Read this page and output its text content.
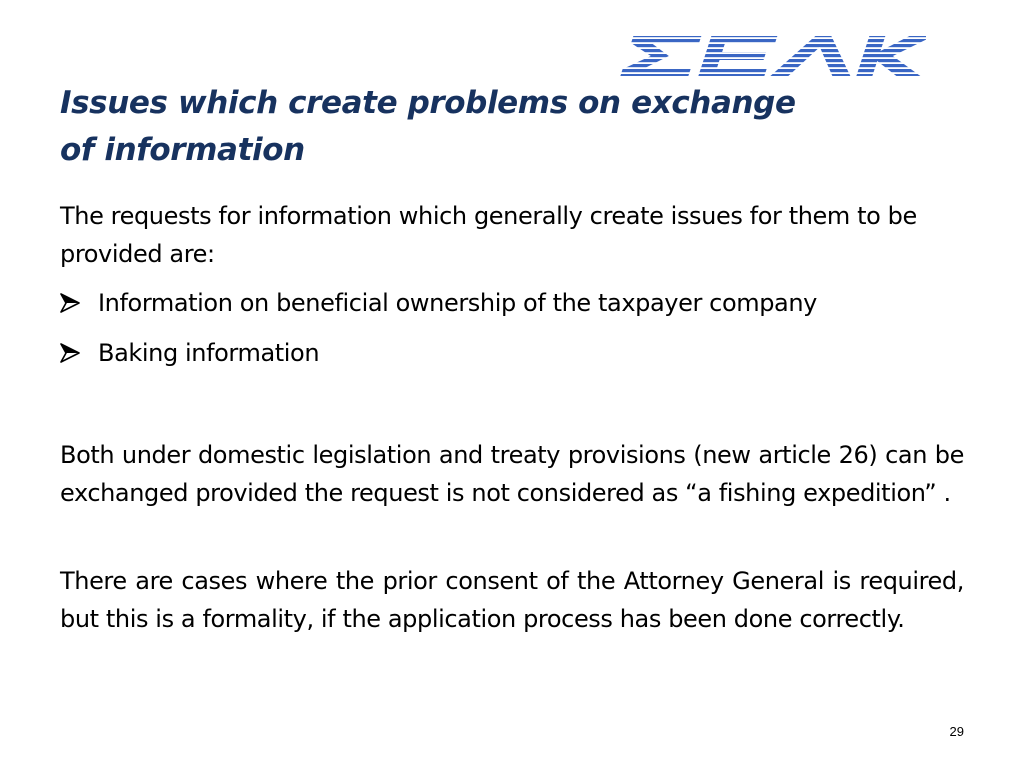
Issues which create problems on exchange of information

The requests for information which generally create issues for them to be provided are:

Information on beneficial ownership of the taxpayer company
Baking information

Both under domestic legislation and treaty provisions (new article 26) can be exchanged provided the request is not considered as “a fishing expedition” .

There are cases where the prior consent of the Attorney General is required, but this is a formality, if the application process has been done correctly.

29
